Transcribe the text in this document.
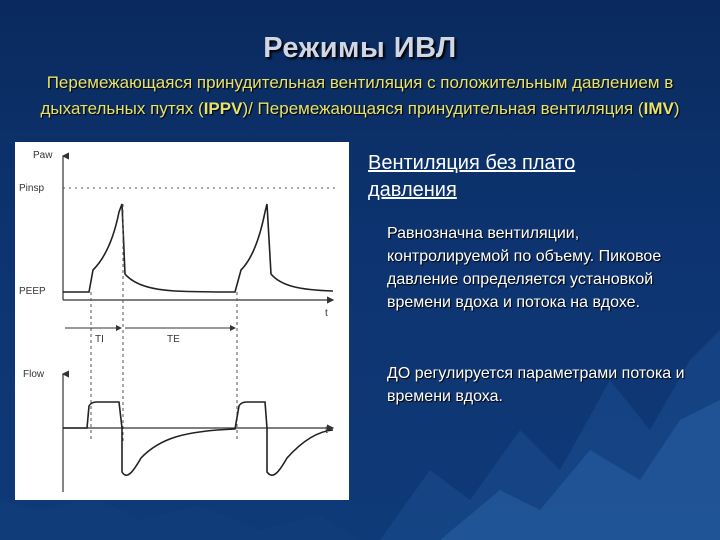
Режимы ИВЛ
Перемежающаяся принудительная вентиляция с положительным давлением в дыхательных путях (IPPV)/ Перемежающаяся принудительная вентиляция (IMV)
Paw
Pinsp
PEEP
t
TI	TE
Flow
t
Вентиляция без плато давления
Равнозначна вентиляции, контролируемой по объему. Пиковое давление определяется установкой времени вдоха и потока на вдохе.
ДО регулируется параметрами потока и времени вдоха.
